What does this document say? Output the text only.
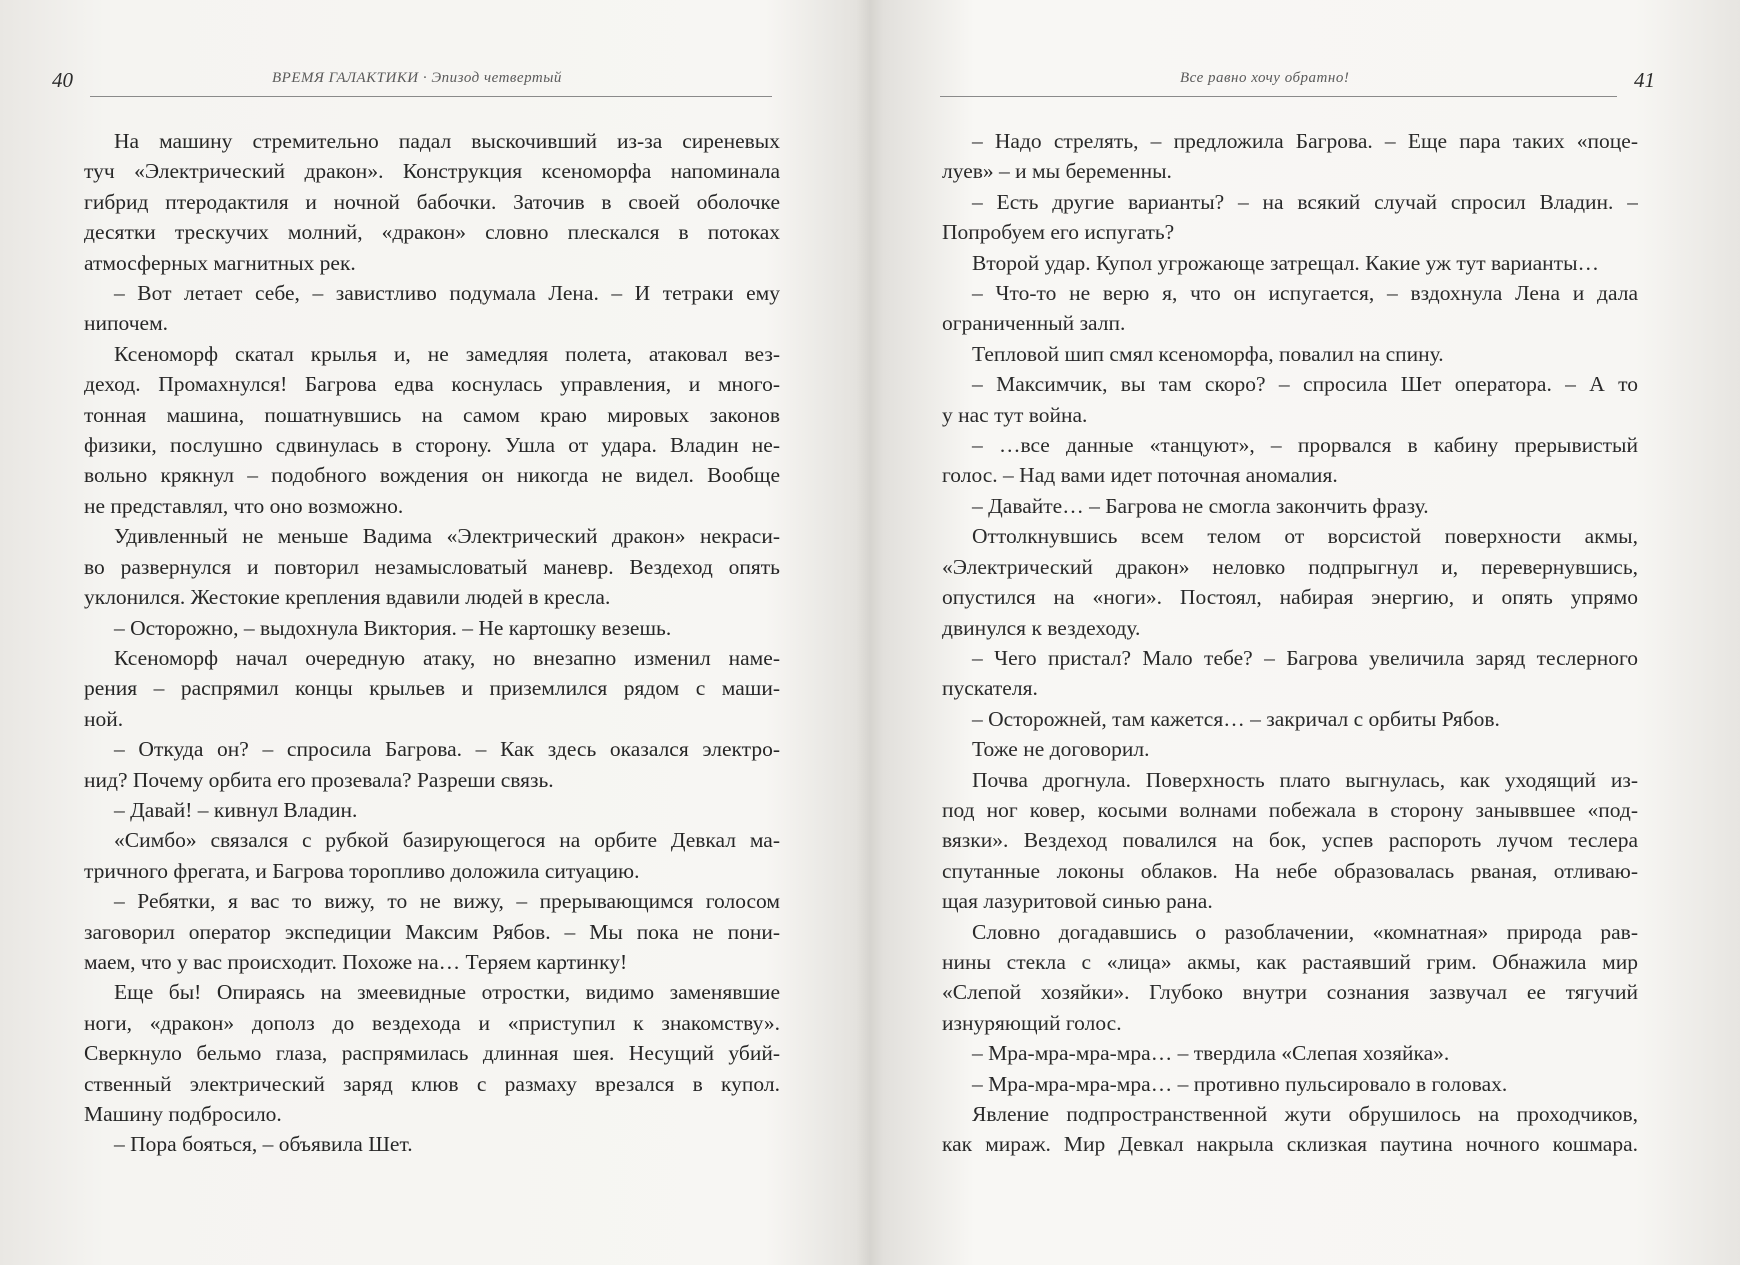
40	ВРЕМЯ ГАЛАКТИКИ · Эпизод четвертый

На машину стремительно падал выскочивший из-за сиреневых

туч «Электрический дракон». Конструкция ксеноморфа напоминала

гибрид птеродактиля и ночной бабочки. Заточив в своей оболочке

десятки трескучих молний, «дракон» словно плескался в потоках

атмосферных магнитных рек.

– Вот летает себе, – завистливо подумала Лена. – И тетраки ему

нипочем.

Ксеноморф скатал крылья и, не замедляя полета, атаковал вез-

деход. Промахнулся! Багрова едва коснулась управления, и много-

тонная машина, пошатнувшись на самом краю мировых законов

физики, послушно сдвинулась в сторону. Ушла от удара. Владин не-

вольно крякнул – подобного вождения он никогда не видел. Вообще

не представлял, что оно возможно.

Удивленный не меньше Вадима «Электрический дракон» некраси-

во развернулся и повторил незамысловатый маневр. Вездеход опять

уклонился. Жестокие крепления вдавили людей в кресла.

– Осторожно, – выдохнула Виктория. – Не картошку везешь.

Ксеноморф начал очередную атаку, но внезапно изменил наме-

рения – распрямил концы крыльев и приземлился рядом с маши-

ной.

– Откуда он? – спросила Багрова. – Как здесь оказался электро-

нид? Почему орбита его прозевала? Разреши связь.

– Давай! – кивнул Владин.

«Симбо» связался с рубкой базирующегося на орбите Девкал ма-

тричного фрегата, и Багрова торопливо доложила ситуацию.

– Ребятки, я вас то вижу, то не вижу, – прерывающимся голосом

заговорил оператор экспедиции Максим Рябов. – Мы пока не пони-

маем, что у вас происходит. Похоже на… Теряем картинку!

Еще бы! Опираясь на змеевидные отростки, видимо заменявшие

ноги, «дракон» дополз до вездехода и «приступил к знакомству».

Сверкнуло бельмо глаза, распрямилась длинная шея. Несущий убий-

ственный электрический заряд клюв с размаху врезался в купол.

Машину подбросило.

– Пора бояться, – объявила Шет.

Все равно хочу обратно!	41

– Надо стрелять, – предложила Багрова. – Еще пара таких «поце-

луев» – и мы беременны.

– Есть другие варианты? – на всякий случай спросил Владин. –

Попробуем его испугать?

Второй удар. Купол угрожающе затрещал. Какие уж тут варианты…

– Что-то не верю я, что он испугается, – вздохнула Лена и дала

ограниченный залп.

Тепловой шип смял ксеноморфа, повалил на спину.

– Максимчик, вы там скоро? – спросила Шет оператора. – А то

у нас тут война.

– …все данные «танцуют», – прорвался в кабину прерывистый

голос. – Над вами идет поточная аномалия.

– Давайте… – Багрова не смогла закончить фразу.

Оттолкнувшись всем телом от ворсистой поверхности акмы,

«Электрический дракон» неловко подпрыгнул и, перевернувшись,

опустился на «ноги». Постоял, набирая энергию, и опять упрямо

двинулся к вездеходу.

– Чего пристал? Мало тебе? – Багрова увеличила заряд теслерного

пускателя.

– Осторожней, там кажется… – закричал с орбиты Рябов.

Тоже не договорил.

Почва дрогнула. Поверхность плато выгнулась, как уходящий из-

под ног ковер, косыми волнами побежала в сторону заныввшее «под-

вязки». Вездеход повалился на бок, успев распороть лучом теслера

спутанные локоны облаков. На небе образовалась рваная, отливаю-

щая лазуритовой синью рана.

Словно догадавшись о разоблачении, «комнатная» природа рав-

нины стекла с «лица» акмы, как растаявший грим. Обнажила мир

«Слепой хозяйки». Глубоко внутри сознания зазвучал ее тягучий

изнуряющий голос.

– Мра-мра-мра-мра… – твердила «Слепая хозяйка».

– Мра-мра-мра-мра… – противно пульсировало в головах.

Явление подпространственной жути обрушилось на проходчиков,

как мираж. Мир Девкал накрыла склизкая паутина ночного кошмара.
